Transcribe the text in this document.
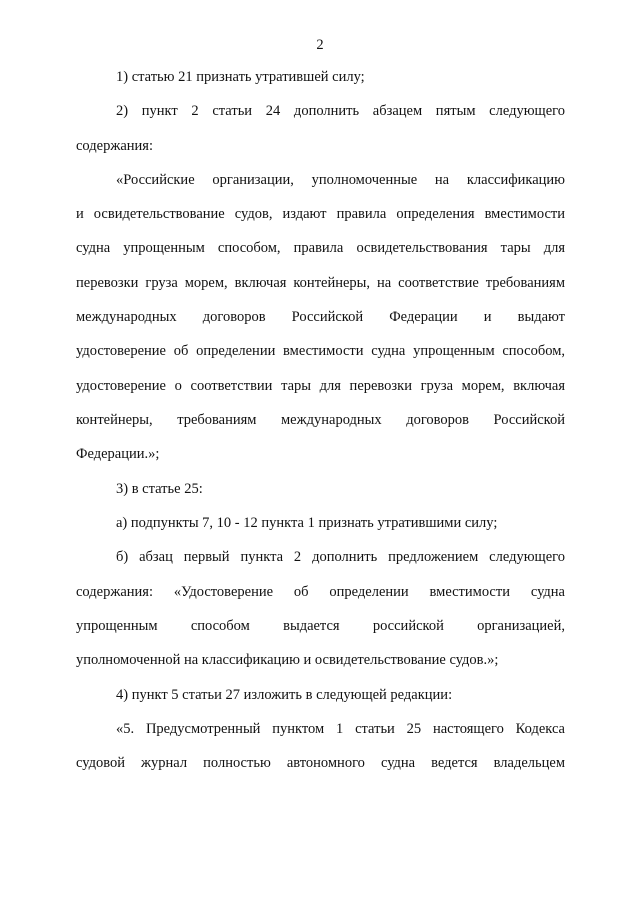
2
1) статью 21 признать утратившей силу;
2) пункт 2 статьи 24 дополнить абзацем пятым следующего
содержания:
«Российские организации, уполномоченные на классификацию
и освидетельствование судов, издают правила определения вместимости
судна упрощенным способом, правила освидетельствования тары для
перевозки груза морем, включая контейнеры, на соответствие требованиям
международных договоров Российской Федерации и выдают
удостоверение об определении вместимости судна упрощенным способом,
удостоверение о соответствии тары для перевозки груза морем, включая
контейнеры, требованиям международных договоров Российской
Федерации.»;
3) в статье 25:
а) подпункты 7, 10 - 12 пункта 1 признать утратившими силу;
б) абзац первый пункта 2 дополнить предложением следующего
содержания: «Удостоверение об определении вместимости судна
упрощенным способом выдается российской организацией,
уполномоченной на классификацию и освидетельствование судов.»;
4) пункт 5 статьи 27 изложить в следующей редакции:
«5. Предусмотренный пунктом 1 статьи 25 настоящего Кодекса
судовой журнал полностью автономного судна ведется владельцем
